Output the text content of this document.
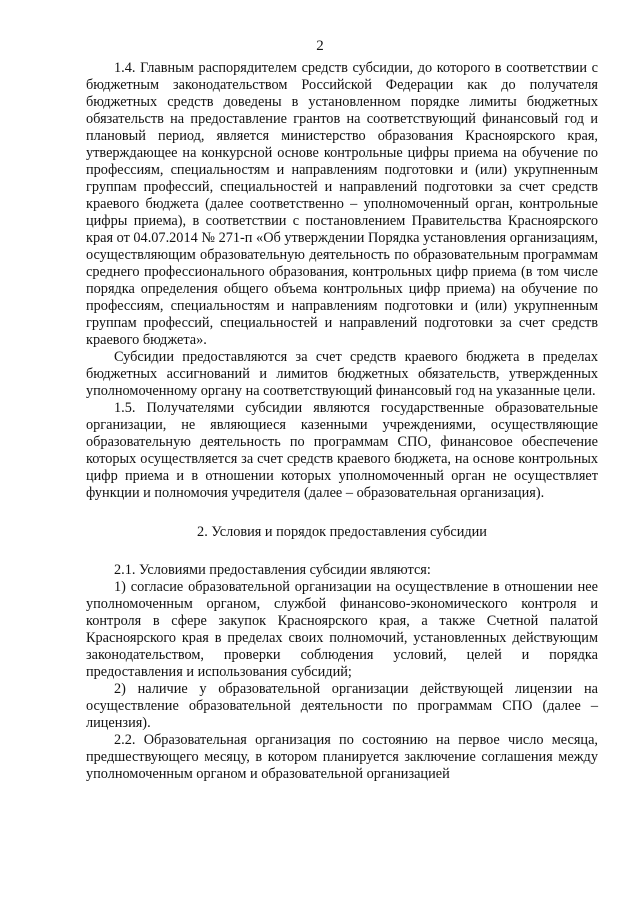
2

1.4. Главным распорядителем средств субсидии, до которого в соответствии с бюджетным законодательством Российской Федерации как до получателя бюджетных средств доведены в установленном порядке лимиты бюджетных обязательств на предоставление грантов на соответствующий финансовый год и плановый период, является министерство образования Красноярского края, утверждающее на конкурсной основе контрольные цифры приема на обучение по профессиям, специальностям и направлениям подготовки и (или) укрупненным группам профессий, специальностей и направлений подготовки за счет средств краевого бюджета (далее соответственно – уполномоченный орган, контрольные цифры приема), в соответствии с постановлением Правительства Красноярского края от 04.07.2014 № 271-п «Об утверждении Порядка установления организациям, осуществляющим образовательную деятельность по образовательным программам среднего профессионального образования, контрольных цифр приема (в том числе порядка определения общего объема контрольных цифр приема) на обучение по профессиям, специальностям и направлениям подготовки и (или) укрупненным группам профессий, специальностей и направлений подготовки за счет средств краевого бюджета».

Субсидии предоставляются за счет средств краевого бюджета в пределах бюджетных ассигнований и лимитов бюджетных обязательств, утвержденных уполномоченному органу на соответствующий финансовый год на указанные цели.

1.5. Получателями субсидии являются государственные образовательные организации, не являющиеся казенными учреждениями, осуществляющие образовательную деятельность по программам СПО, финансовое обеспечение которых осуществляется за счет средств краевого бюджета, на основе контрольных цифр приема и в отношении которых уполномоченный орган не осуществляет функции и полномочия учредителя (далее – образовательная организация).

2. Условия и порядок предоставления субсидии

2.1. Условиями предоставления субсидии являются:

1) согласие образовательной организации на осуществление в отношении нее уполномоченным органом, службой финансово-экономического контроля и контроля в сфере закупок Красноярского края, а также Счетной палатой Красноярского края в пределах своих полномочий, установленных действующим законодательством, проверки соблюдения условий, целей и порядка предоставления и использования субсидий;

2) наличие у образовательной организации действующей лицензии на осуществление образовательной деятельности по программам СПО (далее – лицензия).

2.2. Образовательная организация по состоянию на первое число месяца, предшествующего месяцу, в котором планируется заключение соглашения между уполномоченным органом и образовательной организацией
